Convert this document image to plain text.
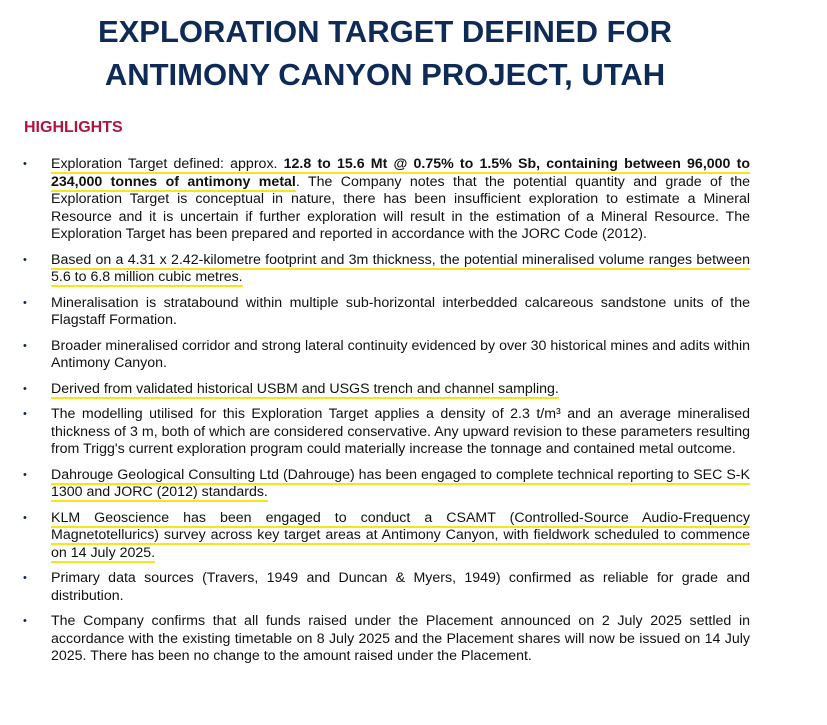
EXPLORATION TARGET DEFINED FOR
ANTIMONY CANYON PROJECT, UTAH
HIGHLIGHTS
• Exploration Target defined: approx. 12.8 to 15.6 Mt @ 0.75% to 1.5% Sb, containing between 96,000 to 234,000 tonnes of antimony metal. The Company notes that the potential quantity and grade of the Exploration Target is conceptual in nature, there has been insufficient exploration to estimate a Mineral Resource and it is uncertain if further exploration will result in the estimation of a Mineral Resource. The Exploration Target has been prepared and reported in accordance with the JORC Code (2012).
• Based on a 4.31 x 2.42-kilometre footprint and 3m thickness, the potential mineralised volume ranges between 5.6 to 6.8 million cubic metres.
• Mineralisation is stratabound within multiple sub-horizontal interbedded calcareous sandstone units of the Flagstaff Formation.
• Broader mineralised corridor and strong lateral continuity evidenced by over 30 historical mines and adits within Antimony Canyon.
• Derived from validated historical USBM and USGS trench and channel sampling.
• The modelling utilised for this Exploration Target applies a density of 2.3 t/m³ and an average mineralised thickness of 3 m, both of which are considered conservative. Any upward revision to these parameters resulting from Trigg's current exploration program could materially increase the tonnage and contained metal outcome.
• Dahrouge Geological Consulting Ltd (Dahrouge) has been engaged to complete technical reporting to SEC S-K 1300 and JORC (2012) standards.
• KLM Geoscience has been engaged to conduct a CSAMT (Controlled-Source Audio-Frequency Magnetotellurics) survey across key target areas at Antimony Canyon, with fieldwork scheduled to commence on 14 July 2025.
• Primary data sources (Travers, 1949 and Duncan & Myers, 1949) confirmed as reliable for grade and distribution.
• The Company confirms that all funds raised under the Placement announced on 2 July 2025 settled in accordance with the existing timetable on 8 July 2025 and the Placement shares will now be issued on 14 July 2025. There has been no change to the amount raised under the Placement.
